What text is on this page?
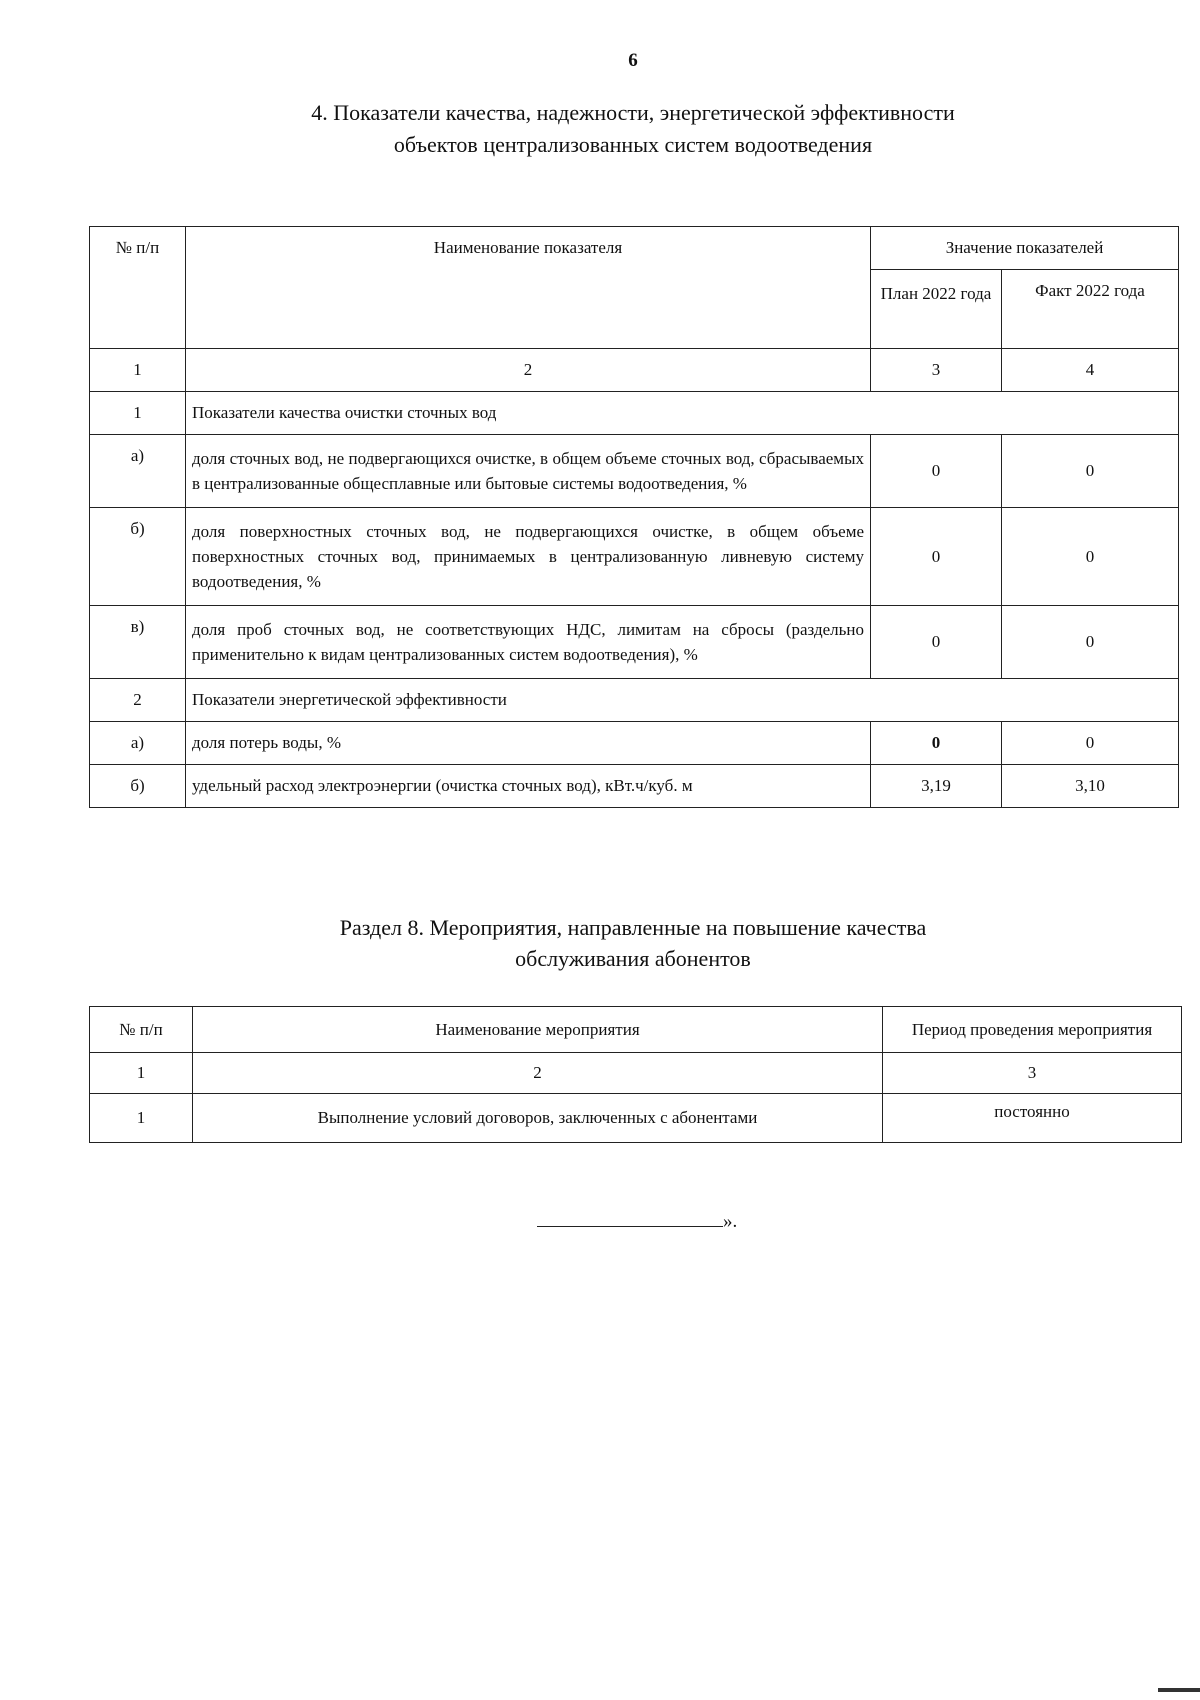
6
4. Показатели качества, надежности, энергетической эффективности объектов централизованных систем водоотведения
№ п/п	Наименование показателя	Значение показателей	
		План 2022 года	Факт 2022 года
1	2	3	4
1	Показатели качества очистки сточных вод		
а)	доля сточных вод, не подвергающихся очистке, в общем объеме сточных вод, сбрасываемых в централизованные общесплавные или бытовые системы водоотведения, %	0	0
б)	доля поверхностных сточных вод, не подвергающихся очистке, в общем объеме поверхностных сточных вод, принимаемых в централизованную ливневую систему водоотведения, %	0	0
в)	доля проб сточных вод, не соответствующих НДС, лимитам на сбросы (раздельно применительно к видам централизованных систем водоотведения), %	0	0
2	Показатели энергетической эффективности		
а)	доля потерь воды, %	0	0
б)	удельный расход электроэнергии (очистка сточных вод), кВт.ч/куб. м	3,19	3,10
Раздел 8. Мероприятия, направленные на повышение качества обслуживания абонентов
№ п/п	Наименование мероприятия	Период проведения мероприятия
1	2	3
1	Выполнение условий договоров, заключенных с абонентами	постоянно
».
